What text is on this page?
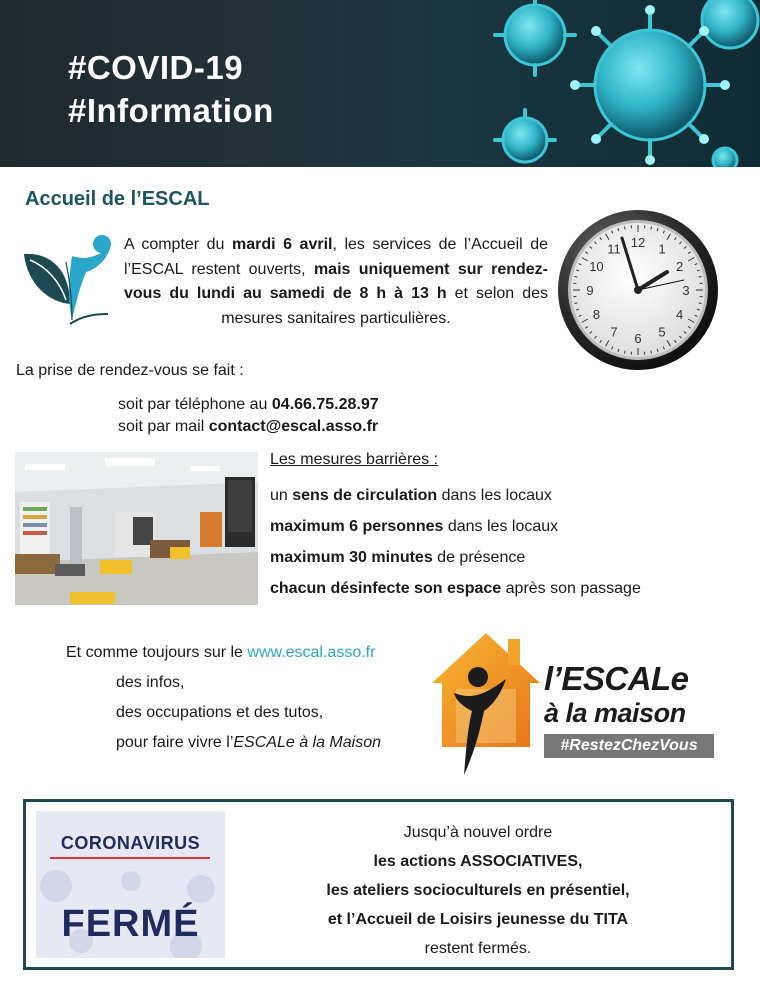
#COVID-19
#Information
Accueil de l’ESCAL
A compter du mardi 6 avril, les services de l’Accueil de l’ESCAL restent ouverts, mais uniquement sur rendez-vous du lundi au samedi de 8 h à 13 h et selon des mesures sanitaires particulières.
12 1
2
3
4
5
6
7
8
9
10
11
La prise de rendez-vous se fait :
soit par téléphone au 04.66.75.28.97
soit par mail contact@escal.asso.fr
Les mesures barrières :
un sens de circulation dans les locaux
maximum 6 personnes dans les locaux
maximum 30 minutes de présence
chacun désinfecte son espace après son passage
Et comme toujours sur le www.escal.asso.fr
des infos,
des occupations et des tutos,
pour faire vivre l’ESCALe à la Maison
l’ESCALe
à la maison
#RestezChezVous
CORONAVIRUS
FERMÉ
Jusqu’à nouvel ordre
les actions ASSOCIATIVES,
les ateliers socioculturels en présentiel,
et l’Accueil de Loisirs jeunesse du TITA
restent fermés.
